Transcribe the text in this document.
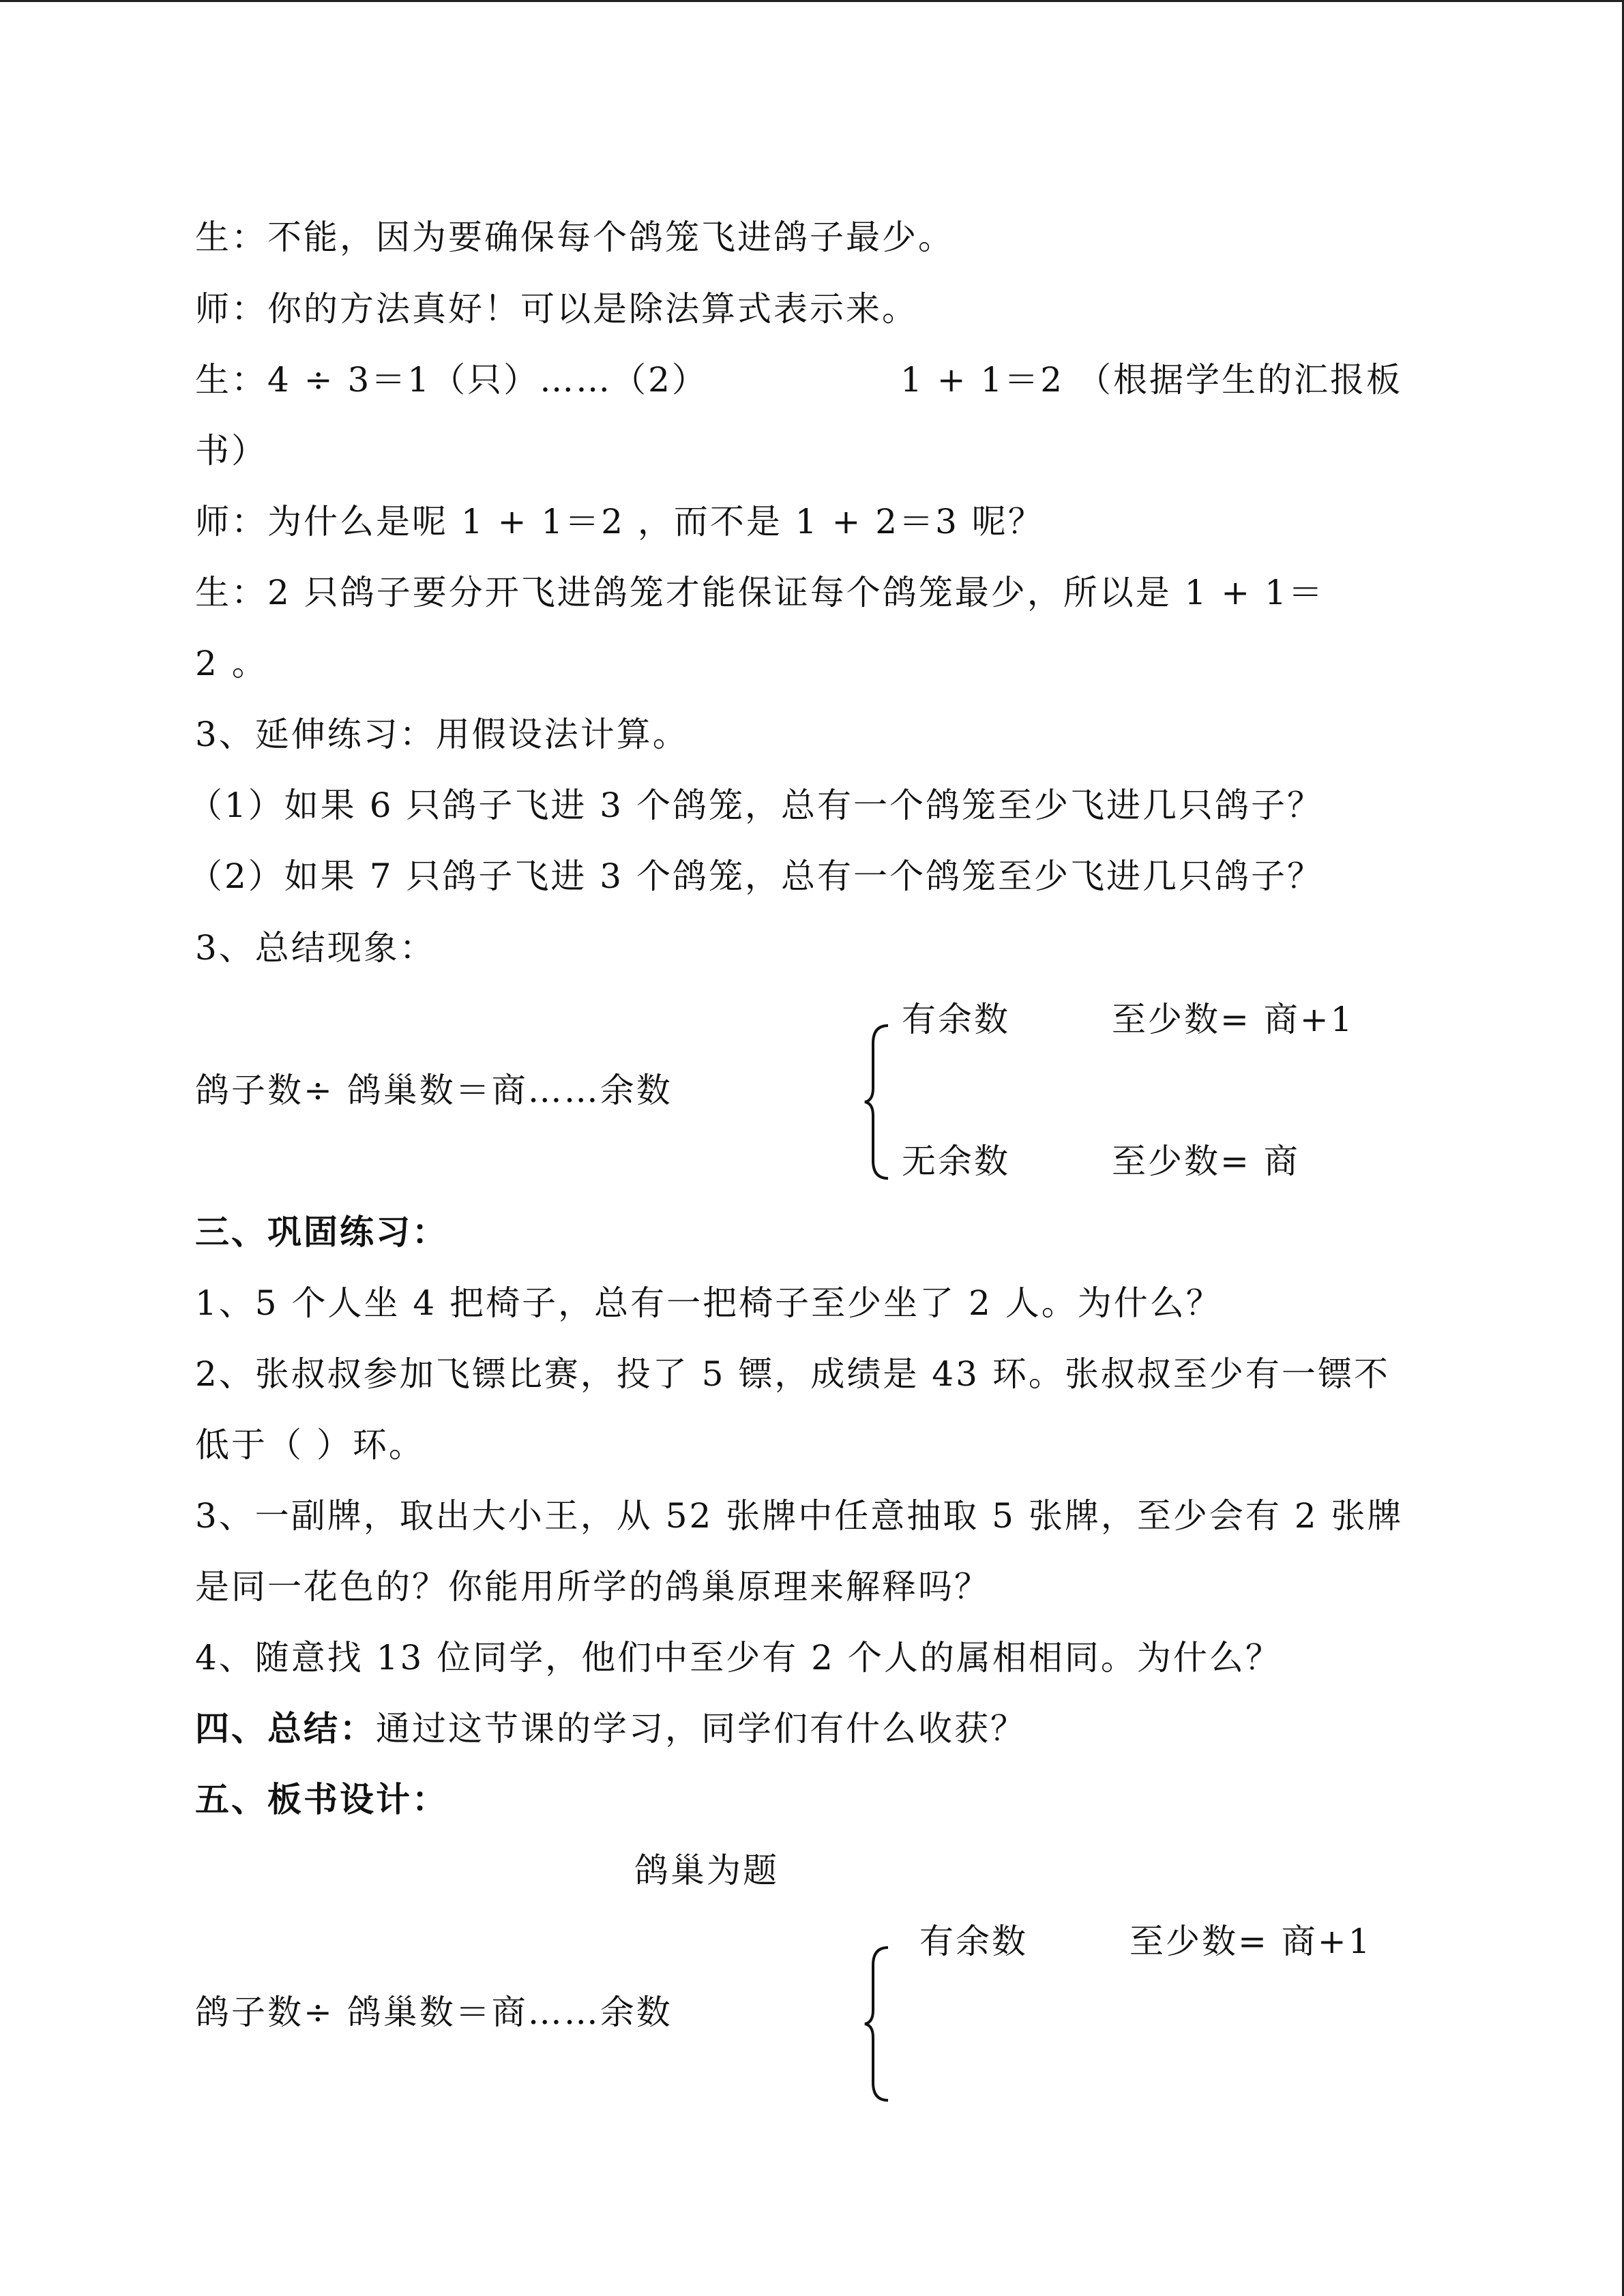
生：不能，因为要确保每个鸽笼飞进鸽子最少。
师：你的方法真好！可以是除法算式表示来。
生：4 ÷ 3＝1（只）……（2）	1 + 1＝2 （根据学生的汇报板
书）
师：为什么是呢 1 + 1＝2 ，而不是 1 + 2＝3 呢？
生：2 只鸽子要分开飞进鸽笼才能保证每个鸽笼最少，所以是 1 + 1＝
2 。
3、延伸练习：用假设法计算。
（1）如果 6 只鸽子飞进 3 个鸽笼，总有一个鸽笼至少飞进几只鸽子？
（2）如果 7 只鸽子飞进 3 个鸽笼，总有一个鸽笼至少飞进几只鸽子？
3、总结现象：
有余数	至少数= 商+1
鸽子数÷ 鸽巢数＝商……余数
无余数	至少数= 商
三、巩固练习：
1、5 个人坐 4 把椅子，总有一把椅子至少坐了 2 人。为什么？
2、张叔叔参加飞镖比赛，投了 5 镖，成绩是 43 环。张叔叔至少有一镖不
低于（ ）环。
3、一副牌，取出大小王，从 52 张牌中任意抽取 5 张牌，至少会有 2 张牌
是同一花色的？你能用所学的鸽巢原理来解释吗？
4、随意找 13 位同学，他们中至少有 2 个人的属相相同。为什么？
四、总结：通过这节课的学习，同学们有什么收获？
五、板书设计：
鸽巢为题
有余数	至少数= 商+1
鸽子数÷ 鸽巢数＝商……余数
